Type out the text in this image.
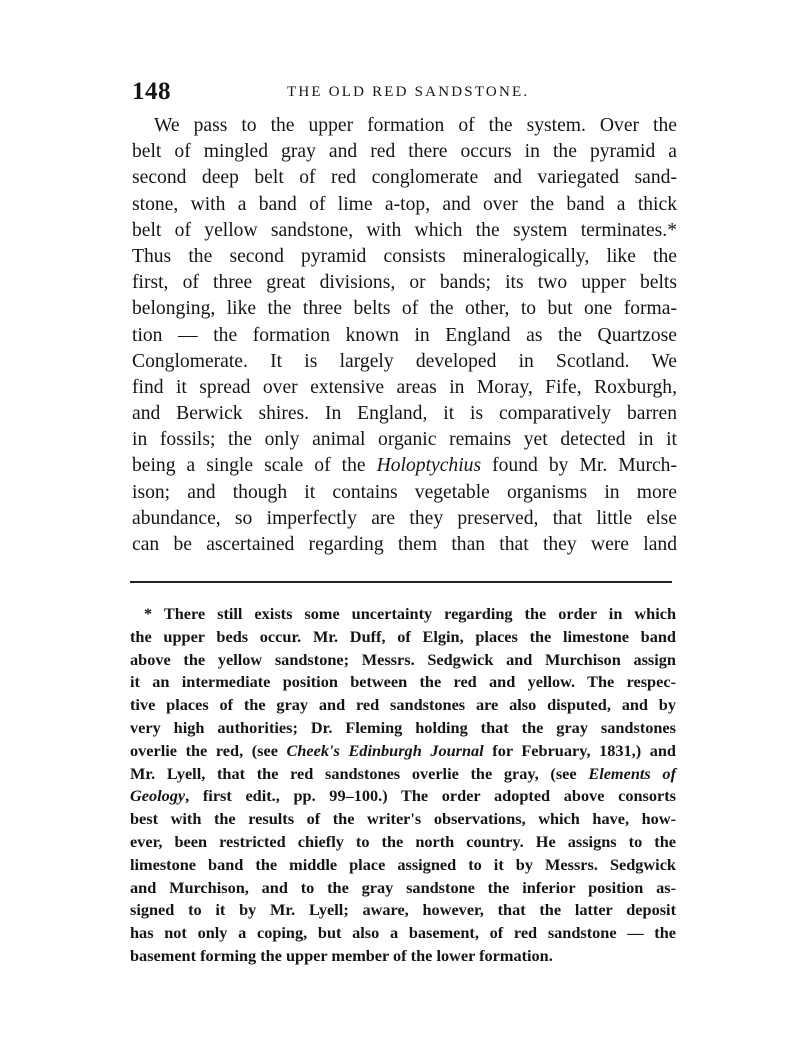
148	THE OLD RED SANDSTONE.
We pass to the upper formation of the system. Over the
belt of mingled gray and red there occurs in the pyramid a
second deep belt of red conglomerate and variegated sand-
stone, with a band of lime a-top, and over the band a thick
belt of yellow sandstone, with which the system terminates.*
Thus the second pyramid consists mineralogically, like the
first, of three great divisions, or bands; its two upper belts
belonging, like the three belts of the other, to but one forma-
tion — the formation known in England as the Quartzose
Conglomerate. It is largely developed in Scotland. We
find it spread over extensive areas in Moray, Fife, Roxburgh,
and Berwick shires. In England, it is comparatively barren
in fossils; the only animal organic remains yet detected in it
being a single scale of the Holoptychius found by Mr. Murch-
ison; and though it contains vegetable organisms in more
abundance, so imperfectly are they preserved, that little else
can be ascertained regarding them than that they were land
* There still exists some uncertainty regarding the order in which
the upper beds occur. Mr. Duff, of Elgin, places the limestone band
above the yellow sandstone; Messrs. Sedgwick and Murchison assign
it an intermediate position between the red and yellow. The respec-
tive places of the gray and red sandstones are also disputed, and by
very high authorities; Dr. Fleming holding that the gray sandstones
overlie the red, (see Cheek's Edinburgh Journal for February, 1831,) and
Mr. Lyell, that the red sandstones overlie the gray, (see Elements of
Geology, first edit., pp. 99–100.) The order adopted above consorts
best with the results of the writer's observations, which have, how-
ever, been restricted chiefly to the north country. He assigns to the
limestone band the middle place assigned to it by Messrs. Sedgwick
and Murchison, and to the gray sandstone the inferior position as-
signed to it by Mr. Lyell; aware, however, that the latter deposit
has not only a coping, but also a basement, of red sandstone — the
basement forming the upper member of the lower formation.
